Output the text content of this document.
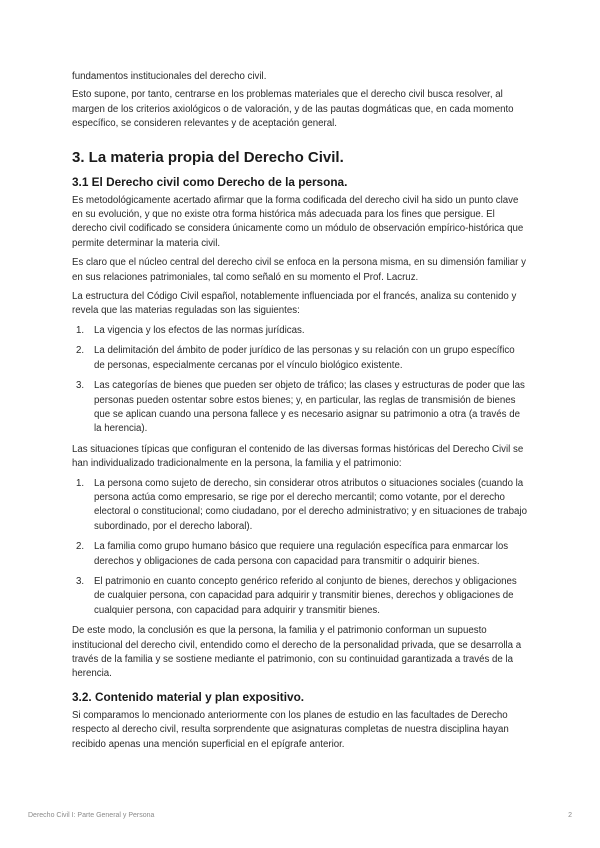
fundamentos institucionales del derecho civil.

Esto supone, por tanto, centrarse en los problemas materiales que el derecho civil busca resolver, al margen de los criterios axiológicos o de valoración, y de las pautas dogmáticas que, en cada momento específico, se consideren relevantes y de aceptación general.

3. La materia propia del Derecho Civil.
3.1 El Derecho civil como Derecho de la persona.

Es metodológicamente acertado afirmar que la forma codificada del derecho civil ha sido un punto clave en su evolución, y que no existe otra forma histórica más adecuada para los fines que persigue. El derecho civil codificado se considera únicamente como un módulo de observación empírico-histórica que permite determinar la materia civil.

Es claro que el núcleo central del derecho civil se enfoca en la persona misma, en su dimensión familiar y en sus relaciones patrimoniales, tal como señaló en su momento el Prof. Lacruz.

La estructura del Código Civil español, notablemente influenciada por el francés, analiza su contenido y revela que las materias reguladas son las siguientes:

1.	La vigencia y los efectos de las normas jurídicas.
2.	La delimitación del ámbito de poder jurídico de las personas y su relación con un grupo específico de personas, especialmente cercanas por el vínculo biológico existente.
3.	Las categorías de bienes que pueden ser objeto de tráfico; las clases y estructuras de poder que las personas pueden ostentar sobre estos bienes; y, en particular, las reglas de transmisión de bienes que se aplican cuando una persona fallece y es necesario asignar su patrimonio a otra (a través de la herencia).

Las situaciones típicas que configuran el contenido de las diversas formas históricas del Derecho Civil se han individualizado tradicionalmente en la persona, la familia y el patrimonio:

1.	La persona como sujeto de derecho, sin considerar otros atributos o situaciones sociales (cuando la persona actúa como empresario, se rige por el derecho mercantil; como votante, por el derecho electoral o constitucional; como ciudadano, por el derecho administrativo; y en situaciones de trabajo subordinado, por el derecho laboral).
2.	La familia como grupo humano básico que requiere una regulación específica para enmarcar los derechos y obligaciones de cada persona con capacidad para transmitir o adquirir bienes.
3.	El patrimonio en cuanto concepto genérico referido al conjunto de bienes, derechos y obligaciones de cualquier persona, con capacidad para adquirir y transmitir bienes, derechos y obligaciones de cualquier persona, con capacidad para adquirir y transmitir bienes.

De este modo, la conclusión es que la persona, la familia y el patrimonio conforman un supuesto institucional del derecho civil, entendido como el derecho de la personalidad privada, que se desarrolla a través de la familia y se sostiene mediante el patrimonio, con su continuidad garantizada a través de la herencia.

3.2. Contenido material y plan expositivo.

Si comparamos lo mencionado anteriormente con los planes de estudio en las facultades de Derecho respecto al derecho civil, resulta sorprendente que asignaturas completas de nuestra disciplina hayan recibido apenas una mención superficial en el epígrafe anterior.

Derecho Civil I: Parte General y Persona	2
